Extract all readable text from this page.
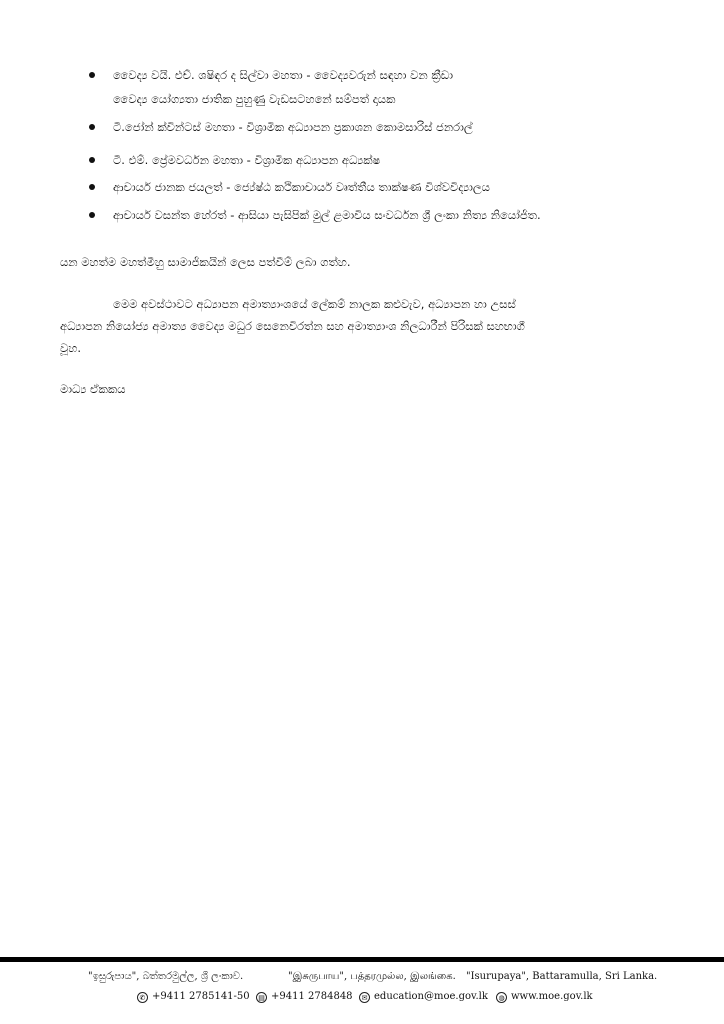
වෛද්‍ය වයි. එච්. ශෂිඳර ද සිල්වා මහතා - වෛද්‍යවරුන් සඳහා වන ක්‍රීඩා
වෛද්‍ය යෝග්‍යතා ජාතික පුහුණු වැඩසටහනේ සම්පත් දායක
ටී.ජෝන් ක්වින්ටස් මහතා - විශ්‍රාමික අධ්‍යාපන ප්‍රකාශන කොමසාරිස් ජනරාල්
ටී. එම්. ප්‍රේමවර්ධන මහතා - විශ්‍රාමික අධ්‍යාපන අධ්‍යක්ෂ
ආචාර්ය ජානක ජයලත් - ජ්‍යේෂ්ඨ කථිකාචාර්ය වෘත්තීය තාක්ෂණ විශ්වවිද්‍යාලය
ආචාර්ය වසන්ත හේරත් - ආසියා පැසිපික් මුල් ළමාවිය සංවර්ධන ශ්‍රී ලංකා නිත්‍ය නියෝජිත.
යන මහත්ම මහත්මීහු සාමාජිකයින් ලෙස පත්වීම් ලබා ගත්හ.
මෙම අවස්ථාවට අධ්‍යාපන අමාත්‍යාංශයේ ලේකම් නාලක කළුවැව, අධ්‍යාපන හා උසස්
අධ්‍යාපන නියෝජ්‍ය අමාත්‍ය වෛද්‍ය මධුර සෙනෙවිරත්න සහ අමාත්‍යාංශ නිලධාරීන් පිරිසක් සහභාගී
වූහ.
මාධ්‍ය ඒකකය
"ඉසුරුපාය", බත්තරමුල්ල, ශ්‍රී ලංකාව.	"இசுருபாய", பத்தரமுல்ல, இலங்கை. "Isurupaya", Battaramulla, Sri Lanka.
✆ +9411 2785141-50	▤ +9411 2784848	✉ education@moe.gov.lk	◍ www.moe.gov.lk
